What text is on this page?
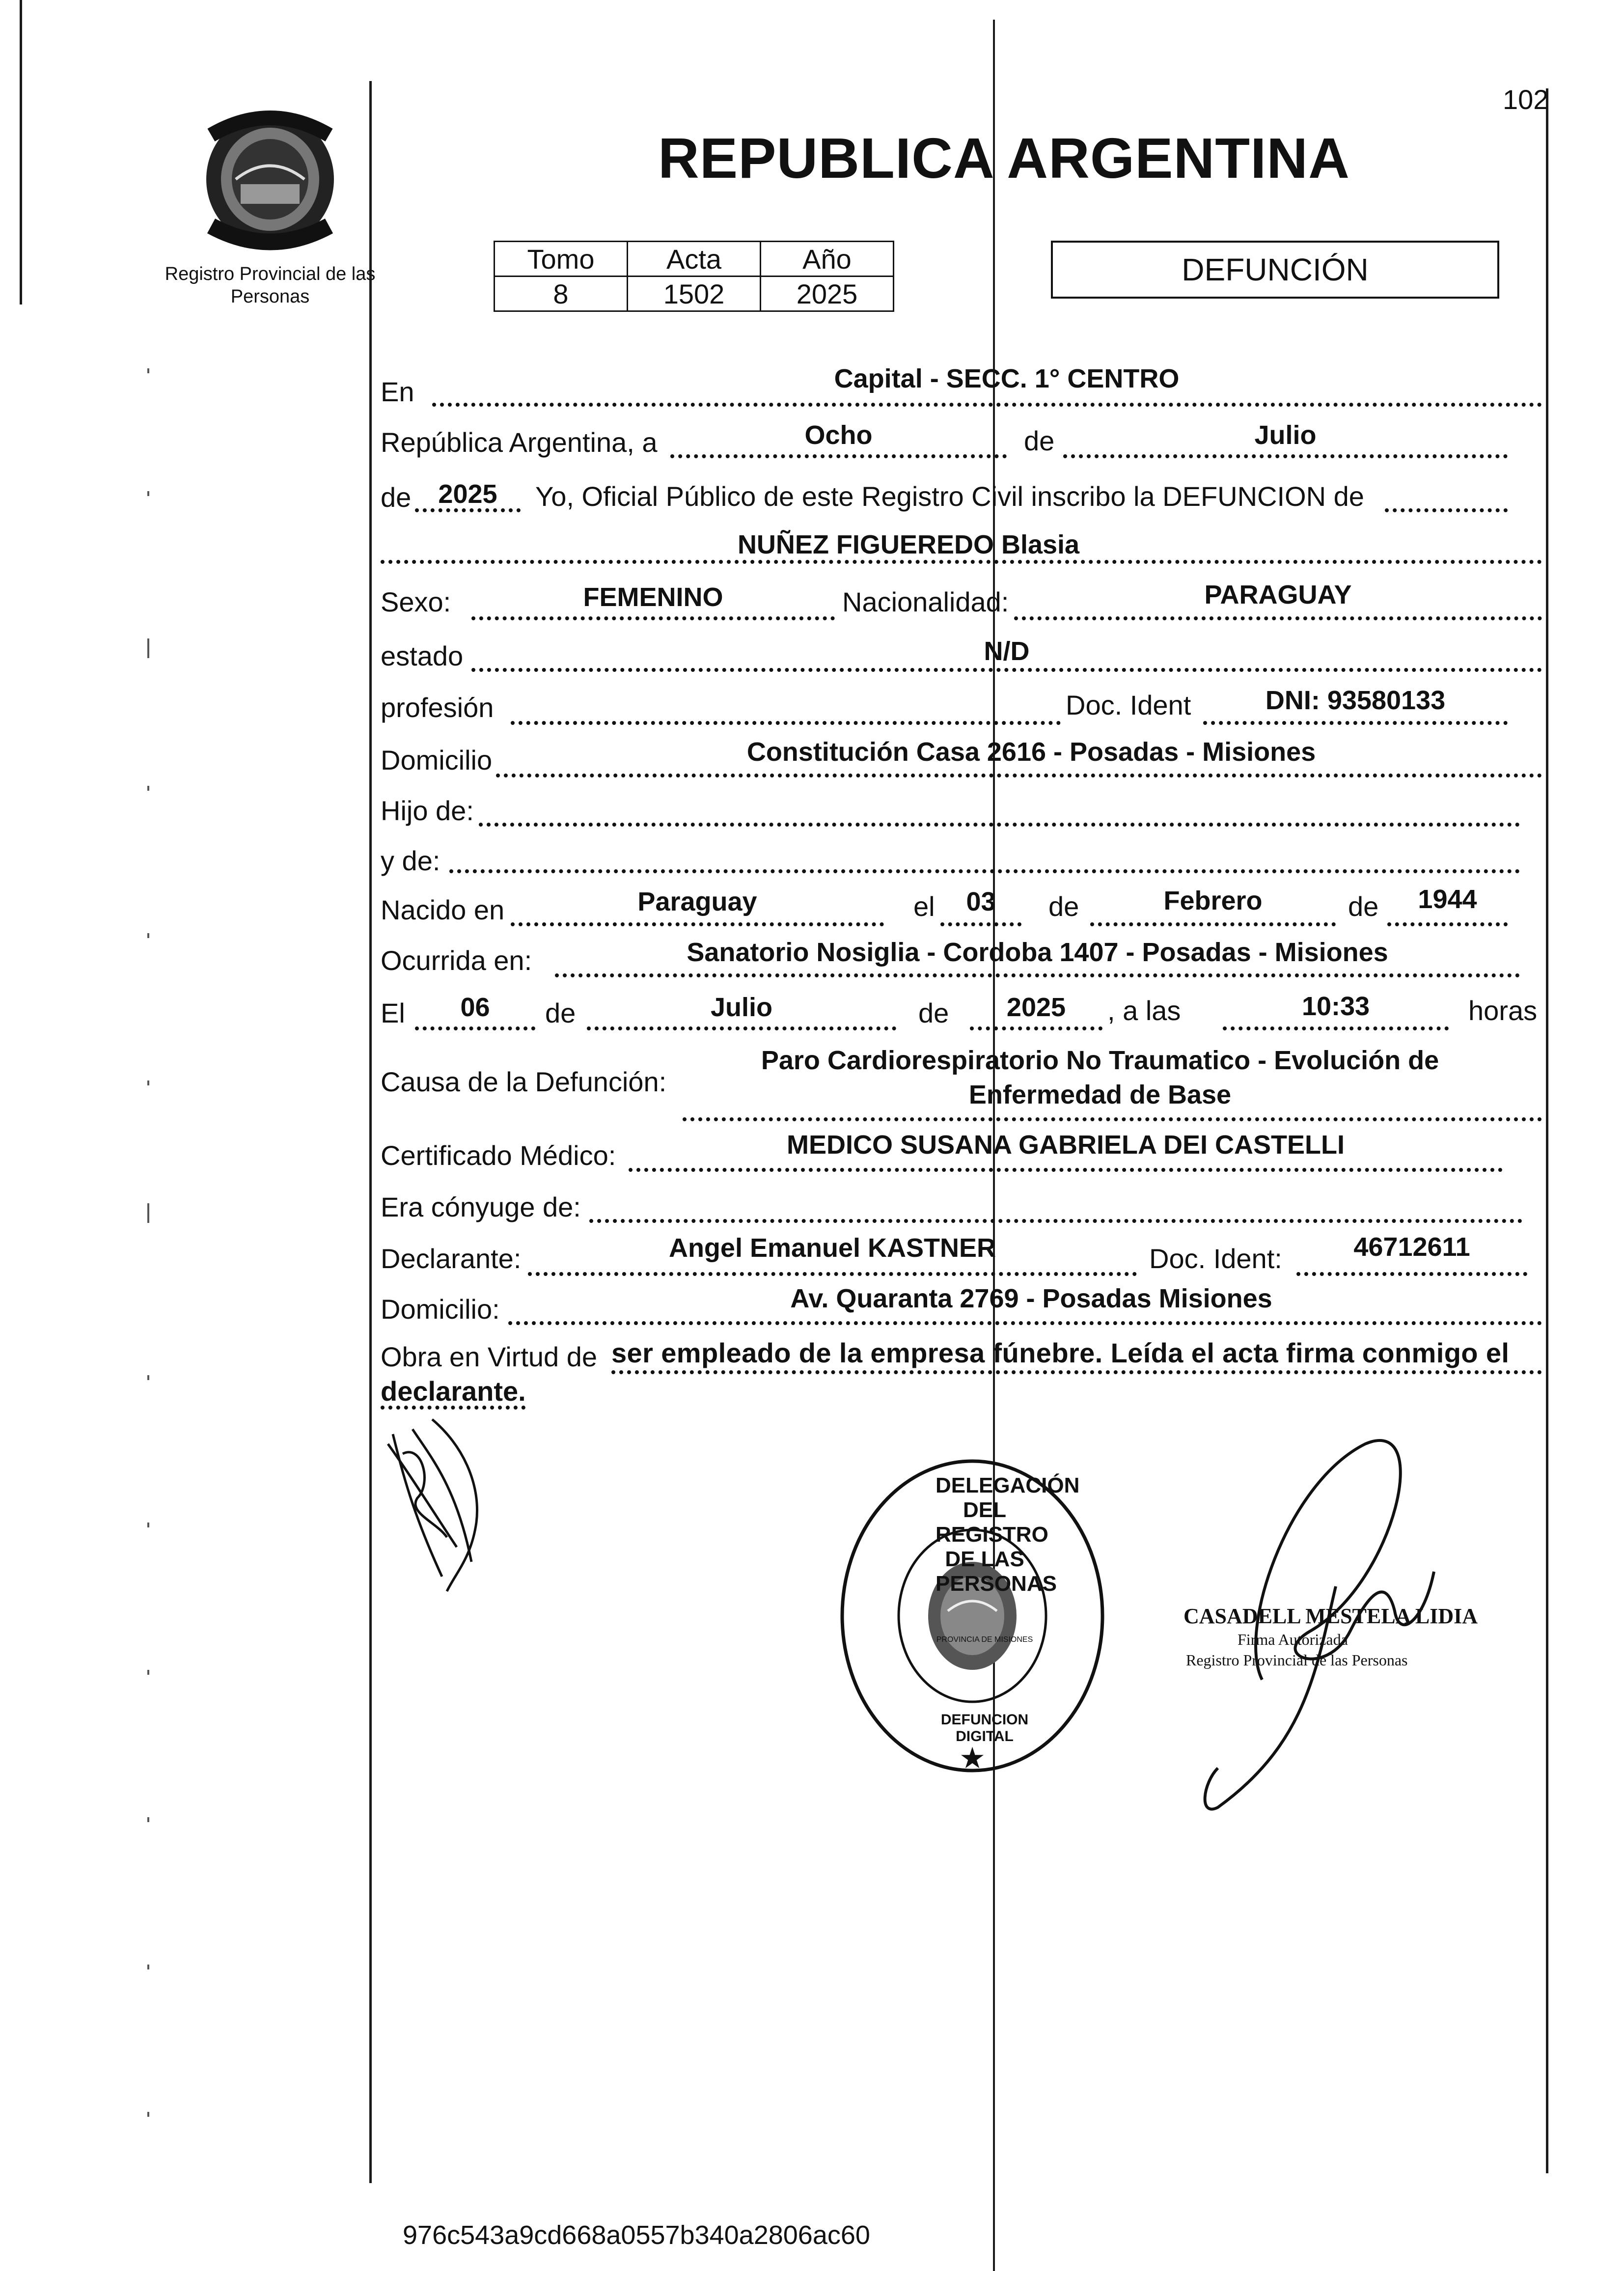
102
REPUBLICA ARGENTINA
Registro Provincial de las Personas
Tomo	Acta	Año
8	1502	2025
DEFUNCIÓN
En	Capital - SECC. 1° CENTRO
República Argentina, a	Ocho	de	Julio
de	2025	Yo, Oficial Público de este Registro Civil inscribo la DEFUNCION de
NUÑEZ FIGUEREDO Blasia
Sexo:	FEMENINO	Nacionalidad:	PARAGUAY
estado	N/D
profesión	Doc. Ident	DNI: 93580133
Domicilio	Constitución Casa 2616 - Posadas - Misiones
Hijo de:
y de:
Nacido en	Paraguay	el	03	de	Febrero	de	1944
Ocurrida en:	Sanatorio Nosiglia - Cordoba 1407 - Posadas - Misiones
El	06	de	Julio	de	2025	, a las	10:33	horas
Paro Cardiorespiratorio No Traumatico - Evolución de
Causa de la Defunción:	Enfermedad de Base
Certificado Médico:	MEDICO SUSANA GABRIELA DEI CASTELLI
Era cónyuge de:
Declarante:	Angel Emanuel KASTNER	Doc. Ident:	46712611
Domicilio:	Av. Quaranta 2769 - Posadas Misiones
Obra en Virtud de ser empleado de la empresa fúnebre. Leída el acta firma conmigo el
declarante.
★
DELEGACIÓN DEL REGISTRO DE LAS PERSONAS
DEFUNCION DIGITAL
PROVINCIA DE MISIONES
CASADELL MESTELA LIDIA
Firma Autorizada
Registro Provincial de las Personas
976c543a9cd668a0557b340a2806ac60
